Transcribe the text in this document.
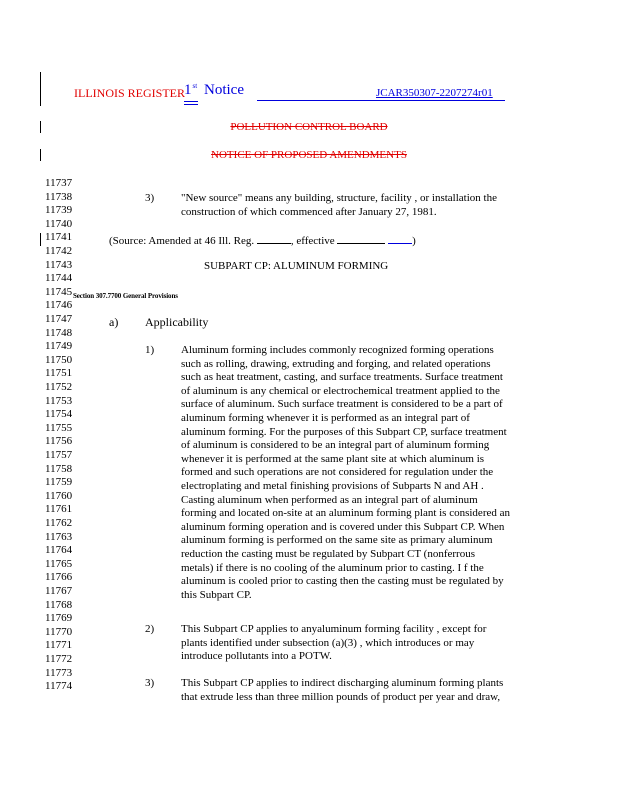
ILLINOIS REGISTER 1st Notice	JCAR350307-2207274r01
POLLUTION CONTROL BOARD
NOTICE OF PROPOSED AMENDMENTS
11737
11738
11739
11740
11741
11742
11743
11744
11745
11746
11747
11748
11749
11750
11751
11752
11753
11754
11755
11756
11757
11758
11759
11760
11761
11762
11763
11764
11765
11766
11767
11768
11769
11770
11771
11772
11773
11774
3) "New source" means any building, structure, facility , or installation the
construction of which commenced after January 27, 1981.
(Source: Amended at 46 Ill. Reg.	, effective	)
SUBPART CP: ALUMINUM FORMING
Section 307.7700 General Provisions
a) Applicability
1) Aluminum forming includes commonly recognized forming operations
such as rolling, drawing, extruding and forging, and related operations
such as heat treatment, casting, and surface treatments. Surface treatment
of aluminum is any chemical or electrochemical treatment applied to the
surface of aluminum. Such surface treatment is considered to be a part of
aluminum forming whenever it is performed as an integral part of
aluminum forming. For the purposes of this Subpart CP, surface treatment
of aluminum is considered to be an integral part of aluminum forming
whenever it is performed at the same plant site at which aluminum is
formed and such operations are not considered for regulation under the
electroplating and metal finishing provisions of Subparts N and AH .
Casting aluminum when performed as an integral part of aluminum
forming and located on-site at an aluminum forming plant is considered an
aluminum forming operation and is covered under this Subpart CP. When
aluminum forming is performed on the same site as primary aluminum
reduction the casting must be regulated by Subpart CT (nonferrous
metals) if there is no cooling of the aluminum prior to casting. I f the
aluminum is cooled prior to casting then the casting must be regulated by
this Subpart CP.
2) This Subpart CP applies to anyaluminum forming facility , except for
plants identified under subsection (a)(3) , which introduces or may
introduce pollutants into a POTW.
3) This Subpart CP applies to indirect discharging aluminum forming plants
that extrude less than three million pounds of product per year and draw,
